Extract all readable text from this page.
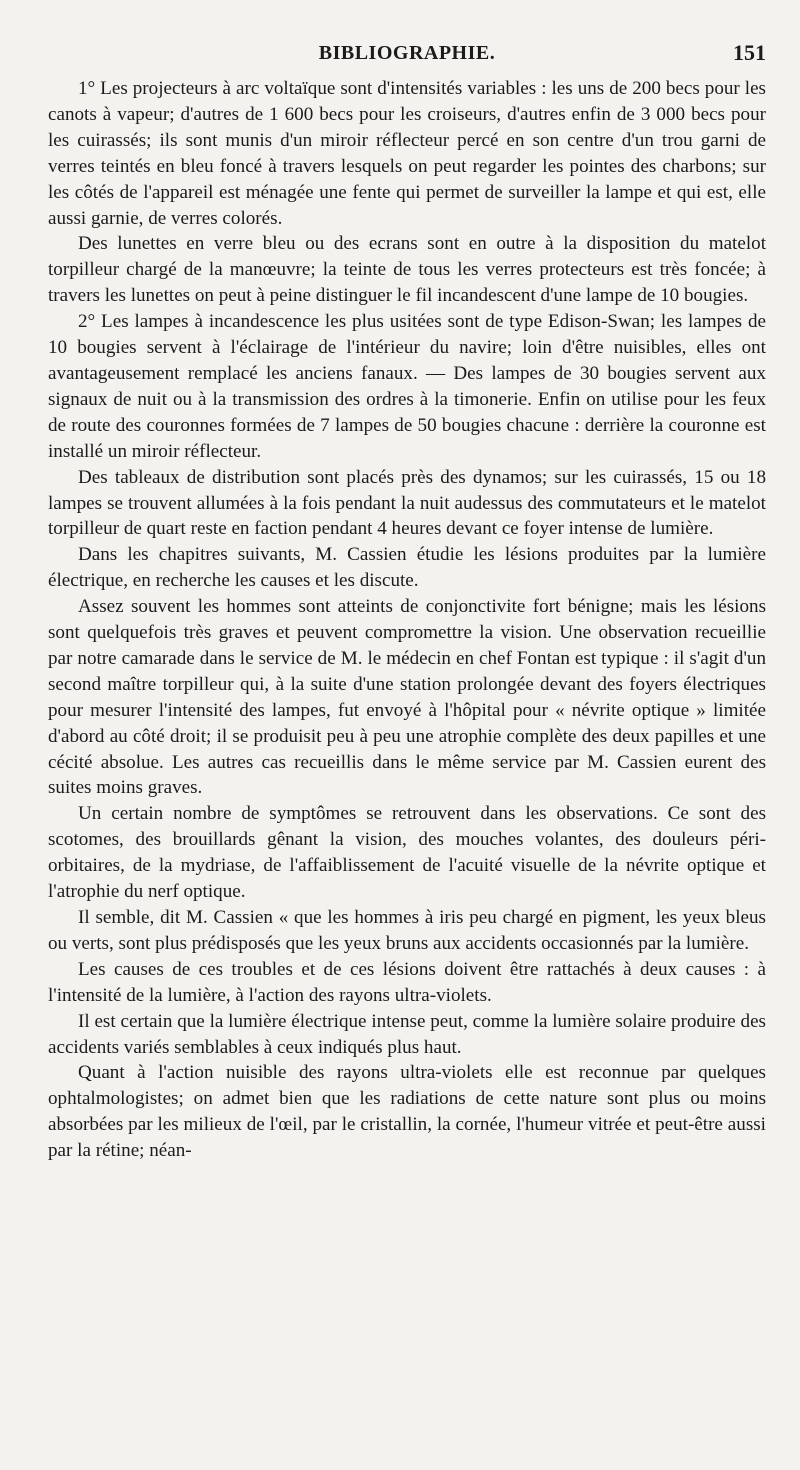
BIBLIOGRAPHIE.	151

1° Les projecteurs à arc voltaïque sont d'intensités variables : les uns de 200 becs pour les canots à vapeur; d'autres de 1 600 becs pour les croiseurs, d'autres enfin de 3 000 becs pour les cuirassés; ils sont munis d'un miroir réflecteur percé en son centre d'un trou garni de verres teintés en bleu foncé à travers lesquels on peut regarder les pointes des charbons; sur les côtés de l'appareil est ménagée une fente qui permet de surveiller la lampe et qui est, elle aussi garnie, de verres colorés.

Des lunettes en verre bleu ou des ecrans sont en outre à la disposition du matelot torpilleur chargé de la manœuvre; la teinte de tous les verres protecteurs est très foncée; à travers les lunettes on peut à peine distinguer le fil incandescent d'une lampe de 10 bougies.

2° Les lampes à incandescence les plus usitées sont de type Edison-Swan; les lampes de 10 bougies servent à l'éclairage de l'intérieur du navire; loin d'être nuisibles, elles ont avantageusement remplacé les anciens fanaux. — Des lampes de 30 bougies servent aux signaux de nuit ou à la transmission des ordres à la timonerie. Enfin on utilise pour les feux de route des couronnes formées de 7 lampes de 50 bougies chacune : derrière la couronne est installé un miroir réflecteur.

Des tableaux de distribution sont placés près des dynamos; sur les cuirassés, 15 ou 18 lampes se trouvent allumées à la fois pendant la nuit audessus des commutateurs et le matelot torpilleur de quart reste en faction pendant 4 heures devant ce foyer intense de lumière.

Dans les chapitres suivants, M. Cassien étudie les lésions produites par la lumière électrique, en recherche les causes et les discute.

Assez souvent les hommes sont atteints de conjonctivite fort bénigne; mais les lésions sont quelquefois très graves et peuvent compromettre la vision. Une observation recueillie par notre camarade dans le service de M. le médecin en chef Fontan est typique : il s'agit d'un second maître torpilleur qui, à la suite d'une station prolongée devant des foyers électriques pour mesurer l'intensité des lampes, fut envoyé à l'hôpital pour « névrite optique » limitée d'abord au côté droit; il se produisit peu à peu une atrophie complète des deux papilles et une cécité absolue. Les autres cas recueillis dans le même service par M. Cassien eurent des suites moins graves.

Un certain nombre de symptômes se retrouvent dans les observations. Ce sont des scotomes, des brouillards gênant la vision, des mouches volantes, des douleurs péri-orbitaires, de la mydriase, de l'affaiblissement de l'acuité visuelle de la névrite optique et l'atrophie du nerf optique.

Il semble, dit M. Cassien « que les hommes à iris peu chargé en pigment, les yeux bleus ou verts, sont plus prédisposés que les yeux bruns aux accidents occasionnés par la lumière.

Les causes de ces troubles et de ces lésions doivent être rattachés à deux causes : à l'intensité de la lumière, à l'action des rayons ultra-violets.

Il est certain que la lumière électrique intense peut, comme la lumière solaire produire des accidents variés semblables à ceux indiqués plus haut.

Quant à l'action nuisible des rayons ultra-violets elle est reconnue par quelques ophtalmologistes; on admet bien que les radiations de cette nature sont plus ou moins absorbées par les milieux de l'œil, par le cristallin, la cornée, l'humeur vitrée et peut-être aussi par la rétine; néan-
